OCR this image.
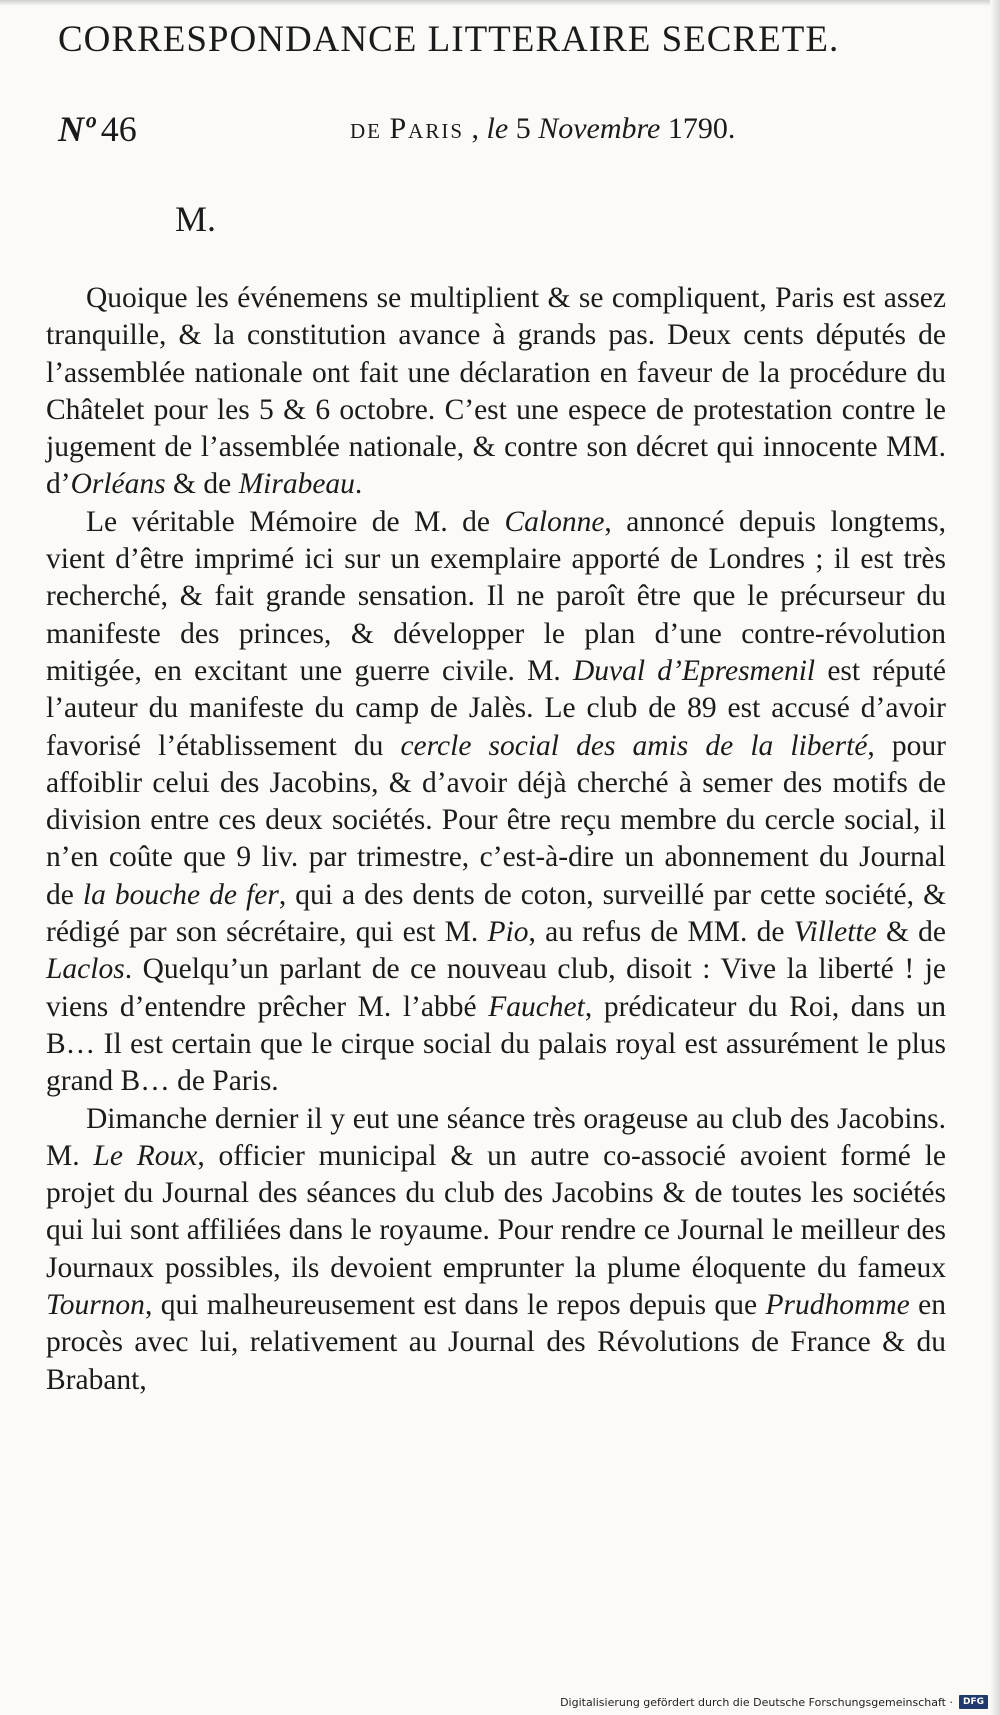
CORRESPONDANCE LITTERAIRE SECRETE.
Nº 46	de Paris , le 5 Novembre 1790.
M.

Quoique les événemens se multiplient & se compliquent, Paris est assez tranquille, & la constitution avance à grands pas. Deux cents députés de l’assemblée nationale ont fait une déclaration en faveur de la procédure du Châtelet pour les 5 & 6 octobre. C’est une espece de protestation contre le jugement de l’assemblée nationale, & contre son décret qui innocente MM. d’Orléans & de Mirabeau.

Le véritable Mémoire de M. de Calonne, annoncé depuis longtems, vient d’être imprimé ici sur un exemplaire apporté de Londres ; il est très recherché, & fait grande sensation. Il ne paroît être que le précurseur du manifeste des princes, & développer le plan d’une contre-révolution mitigée, en excitant une guerre civile. M. Duval d’Epresmenil est réputé l’auteur du manifeste du camp de Jalès. Le club de 89 est accusé d’avoir favorisé l’établissement du cercle social des amis de la liberté, pour affoiblir celui des Jacobins, & d’avoir déjà cherché à semer des motifs de division entre ces deux sociétés. Pour être reçu membre du cercle social, il n’en coûte que 9 liv. par trimestre, c’est-à-dire un abonnement du Journal de la bouche de fer, qui a des dents de coton, surveillé par cette société, & rédigé par son sécrétaire, qui est M. Pio, au refus de MM. de Villette & de Laclos. Quelqu’un parlant de ce nouveau club, disoit : Vive la liberté ! je viens d’entendre prêcher M. l’abbé Fauchet, prédicateur du Roi, dans un B… Il est certain que le cirque social du palais royal est assurément le plus grand B… de Paris.

Dimanche dernier il y eut une séance très orageuse au club des Jacobins. M. Le Roux, officier municipal & un autre co-associé avoient formé le projet du Journal des séances du club des Jacobins & de toutes les sociétés qui lui sont affiliées dans le royaume. Pour rendre ce Journal le meilleur des Journaux possibles, ils devoient emprunter la plume éloquente du fameux Tournon, qui malheureusement est dans le repos depuis que Prudhomme en procès avec lui, relativement au Journal des Révolutions de France & du Brabant,

Digitalisierung gefördert durch die Deutsche Forschungsgemeinschaft ·	DFG
